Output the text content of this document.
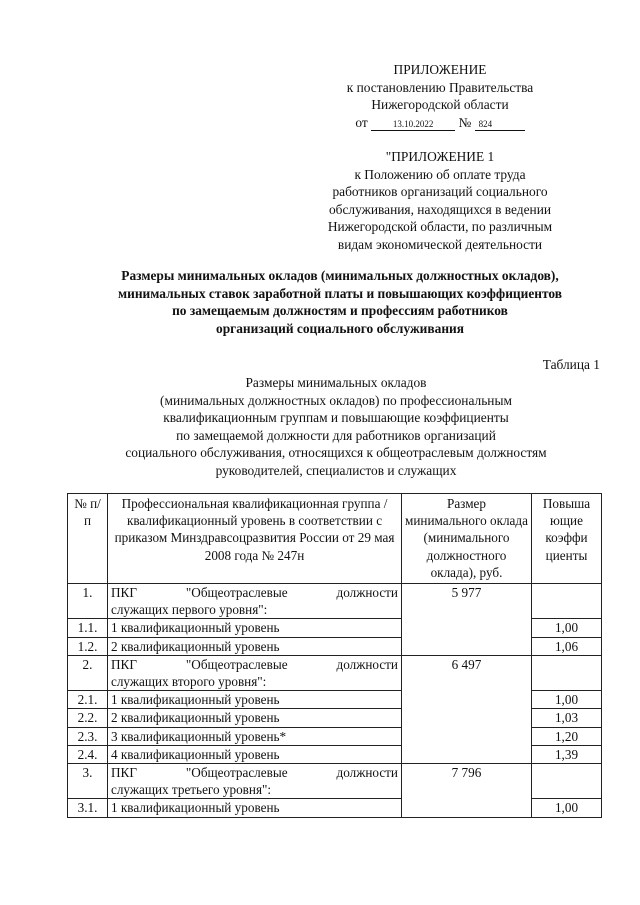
ПРИЛОЖЕНИЕ
к постановлению Правительства
Нижегородской области
от	13.10.2022 № 824
"ПРИЛОЖЕНИЕ 1
к Положению об оплате труда
работников организаций социального
обслуживания, находящихся в ведении
Нижегородской области, по различным
видам экономической деятельности
Размеры минимальных окладов (минимальных должностных окладов),
минимальных ставок заработной платы и повышающих коэффициентов
по замещаемым должностям и профессиям работников
организаций социального обслуживания
Таблица 1
Размеры минимальных окладов
(минимальных должностных окладов) по профессиональным
квалификационным группам и повышающие коэффициенты
по замещаемой должности для работников организаций
социального обслуживания, относящихся к общеотраслевым должностям
руководителей, специалистов и служащих
№ п/п	Профессиональная квалификационная группа / квалификационный уровень в соответствии с приказом Минздравсоцразвития России от 29 мая 2008 года № 247н	Размер минимального оклада (минимального должностного оклада), руб.	Повыша ющие коэффи циенты
1.	ПКГ "Общеотраслевые должности
служащих первого уровня":	5 977	
1.1.	1 квалификационный уровень		1,00
1.2.	2 квалификационный уровень		1,06
2.	ПКГ "Общеотраслевые должности
служащих второго уровня":	6 497	
2.1.	1 квалификационный уровень		1,00
2.2.	2 квалификационный уровень		1,03
2.3.	3 квалификационный уровень*		1,20
2.4.	4 квалификационный уровень		1,39
3.	ПКГ "Общеотраслевые должности
служащих третьего уровня":	7 796	
3.1.	1 квалификационный уровень		1,00
